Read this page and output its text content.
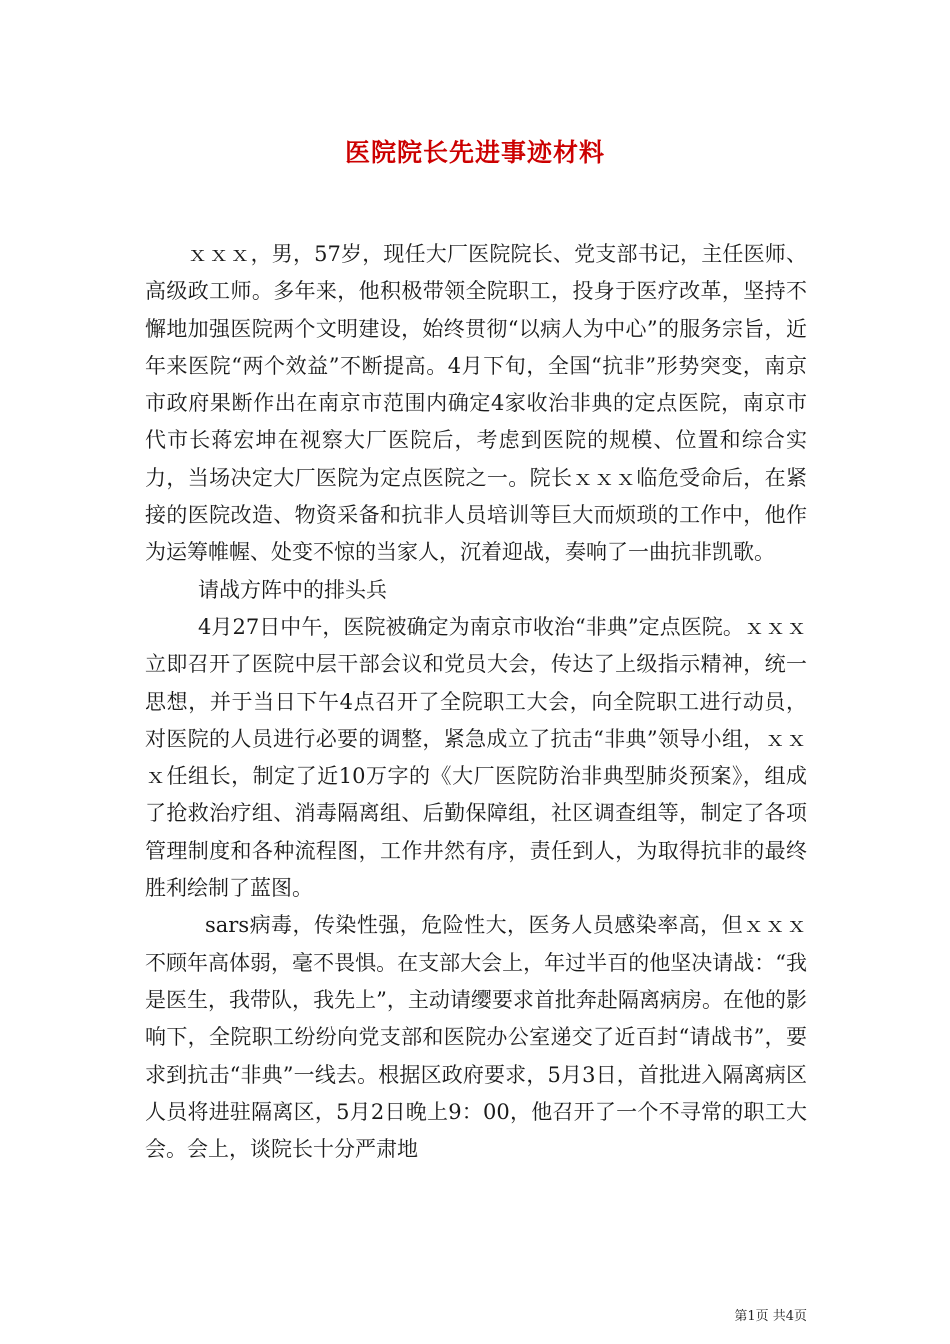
医院院长先进事迹材料

ｘｘｘ，男，57岁，现任大厂医院院长、党支部书记，主任医师、高级政工师。多年来，他积极带领全院职工，投身于医疗改革，坚持不懈地加强医院两个文明建设，始终贯彻“以病人为中心”的服务宗旨，近年来医院“两个效益”不断提高。4月下旬，全国“抗非”形势突变，南京市政府果断作出在南京市范围内确定4家收治非典的定点医院，南京市代市长蒋宏坤在视察大厂医院后，考虑到医院的规模、位置和综合实力，当场决定大厂医院为定点医院之一。院长ｘｘｘ临危受命后，在紧接的医院改造、物资采备和抗非人员培训等巨大而烦琐的工作中，他作为运筹帷幄、处变不惊的当家人，沉着迎战，奏响了一曲抗非凯歌。

请战方阵中的排头兵

4月27日中午，医院被确定为南京市收治“非典”定点医院。ｘｘｘ立即召开了医院中层干部会议和党员大会，传达了上级指示精神，统一思想，并于当日下午4点召开了全院职工大会，向全院职工进行动员，对医院的人员进行必要的调整，紧急成立了抗击“非典”领导小组，ｘｘｘ任组长，制定了近10万字的《大厂医院防治非典型肺炎预案》，组成了抢救治疗组、消毒隔离组、后勤保障组，社区调查组等，制定了各项管理制度和各种流程图，工作井然有序，责任到人，为取得抗非的最终胜利绘制了蓝图。

sars病毒，传染性强，危险性大，医务人员感染率高，但ｘｘｘ不顾年高体弱，毫不畏惧。在支部大会上，年过半百的他坚决请战：“我是医生，我带队，我先上”，主动请缨要求首批奔赴隔离病房。在他的影响下，全院职工纷纷向党支部和医院办公室递交了近百封“请战书”，要求到抗击“非典”一线去。根据区政府要求，5月3日，首批进入隔离病区人员将进驻隔离区，5月2日晚上9：00，他召开了一个不寻常的职工大会。会上，谈院长十分严肃地

第1页 共4页
